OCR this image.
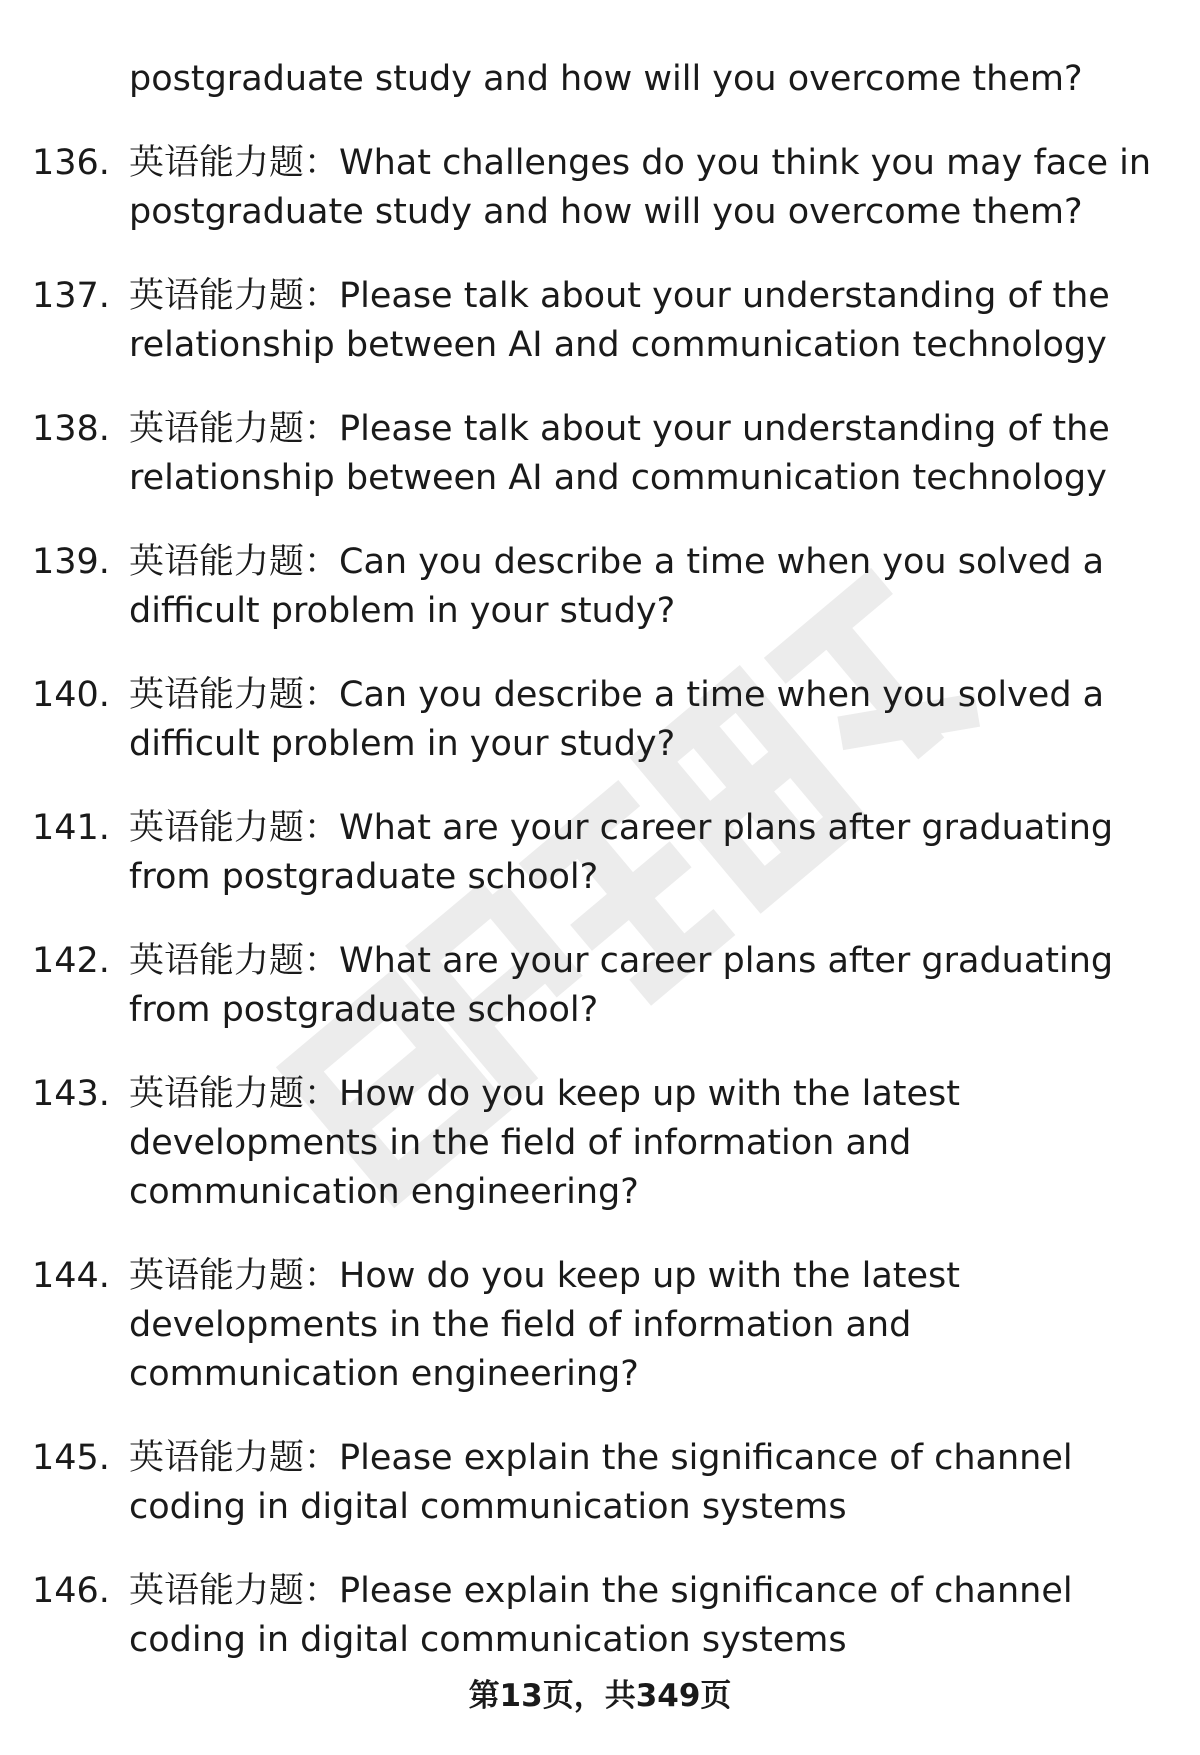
postgraduate study and how will you overcome them?
136. 英语能力题：What challenges do you think you may face in
postgraduate study and how will you overcome them?
137. 英语能力题：Please talk about your understanding of the
relationship between AI and communication technology
138. 英语能力题：Please talk about your understanding of the
relationship between AI and communication technology
139. 英语能力题：Can you describe a time when you solved a
difficult problem in your study?
140. 英语能力题：Can you describe a time when you solved a
difficult problem in your study?
141. 英语能力题：What are your career plans after graduating
from postgraduate school?
142. 英语能力题：What are your career plans after graduating
from postgraduate school?
143. 英语能力题：How do you keep up with the latest
developments in the field of information and
communication engineering?
144. 英语能力题：How do you keep up with the latest
developments in the field of information and
communication engineering?
145. 英语能力题：Please explain the significance of channel
coding in digital communication systems
146. 英语能力题：Please explain the significance of channel
coding in digital communication systems
第13页，共349页
